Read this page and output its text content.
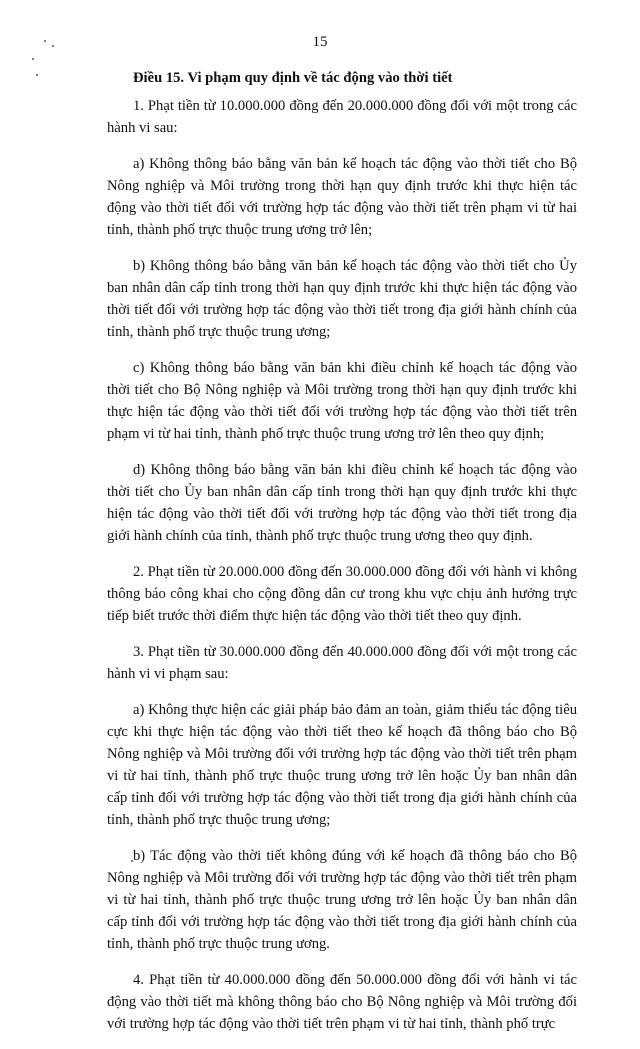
15

Điều 15. Vi phạm quy định về tác động vào thời tiết

1. Phạt tiền từ 10.000.000 đồng đến 20.000.000 đồng đối với một trong các hành vi sau:

a) Không thông báo bằng văn bản kế hoạch tác động vào thời tiết cho Bộ Nông nghiệp và Môi trường trong thời hạn quy định trước khi thực hiện tác động vào thời tiết đối với trường hợp tác động vào thời tiết trên phạm vi từ hai tỉnh, thành phố trực thuộc trung ương trở lên;

b) Không thông báo bằng văn bản kế hoạch tác động vào thời tiết cho Ủy ban nhân dân cấp tỉnh trong thời hạn quy định trước khi thực hiện tác động vào thời tiết đối với trường hợp tác động vào thời tiết trong địa giới hành chính của tỉnh, thành phố trực thuộc trung ương;

c) Không thông báo bằng văn bản khi điều chỉnh kế hoạch tác động vào thời tiết cho Bộ Nông nghiệp và Môi trường trong thời hạn quy định trước khi thực hiện tác động vào thời tiết đối với trường hợp tác động vào thời tiết trên phạm vi từ hai tỉnh, thành phố trực thuộc trung ương trở lên theo quy định;

d) Không thông báo bằng văn bản khi điều chỉnh kế hoạch tác động vào thời tiết cho Ủy ban nhân dân cấp tỉnh trong thời hạn quy định trước khi thực hiện tác động vào thời tiết đối với trường hợp tác động vào thời tiết trong địa giới hành chính của tỉnh, thành phố trực thuộc trung ương theo quy định.

2. Phạt tiền từ 20.000.000 đồng đến 30.000.000 đồng đối với hành vi không thông báo công khai cho cộng đồng dân cư trong khu vực chịu ảnh hưởng trực tiếp biết trước thời điểm thực hiện tác động vào thời tiết theo quy định.

3. Phạt tiền từ 30.000.000 đồng đến 40.000.000 đồng đối với một trong các hành vi vi phạm sau:

a) Không thực hiện các giải pháp bảo đảm an toàn, giảm thiểu tác động tiêu cực khi thực hiện tác động vào thời tiết theo kế hoạch đã thông báo cho Bộ Nông nghiệp và Môi trường đối với trường hợp tác động vào thời tiết trên phạm vi từ hai tỉnh, thành phố trực thuộc trung ương trở lên hoặc Ủy ban nhân dân cấp tỉnh đối với trường hợp tác động vào thời tiết trong địa giới hành chính của tỉnh, thành phố trực thuộc trung ương;

b) Tác động vào thời tiết không đúng với kế hoạch đã thông báo cho Bộ Nông nghiệp và Môi trường đối với trường hợp tác động vào thời tiết trên phạm vi từ hai tỉnh, thành phố trực thuộc trung ương trở lên hoặc Ủy ban nhân dân cấp tỉnh đối với trường hợp tác động vào thời tiết trong địa giới hành chính của tỉnh, thành phố trực thuộc trung ương.

4. Phạt tiền từ 40.000.000 đồng đến 50.000.000 đồng đối với hành vi tác động vào thời tiết mà không thông báo cho Bộ Nông nghiệp và Môi trường đối với trường hợp tác động vào thời tiết trên phạm vi từ hai tỉnh, thành phố trực
